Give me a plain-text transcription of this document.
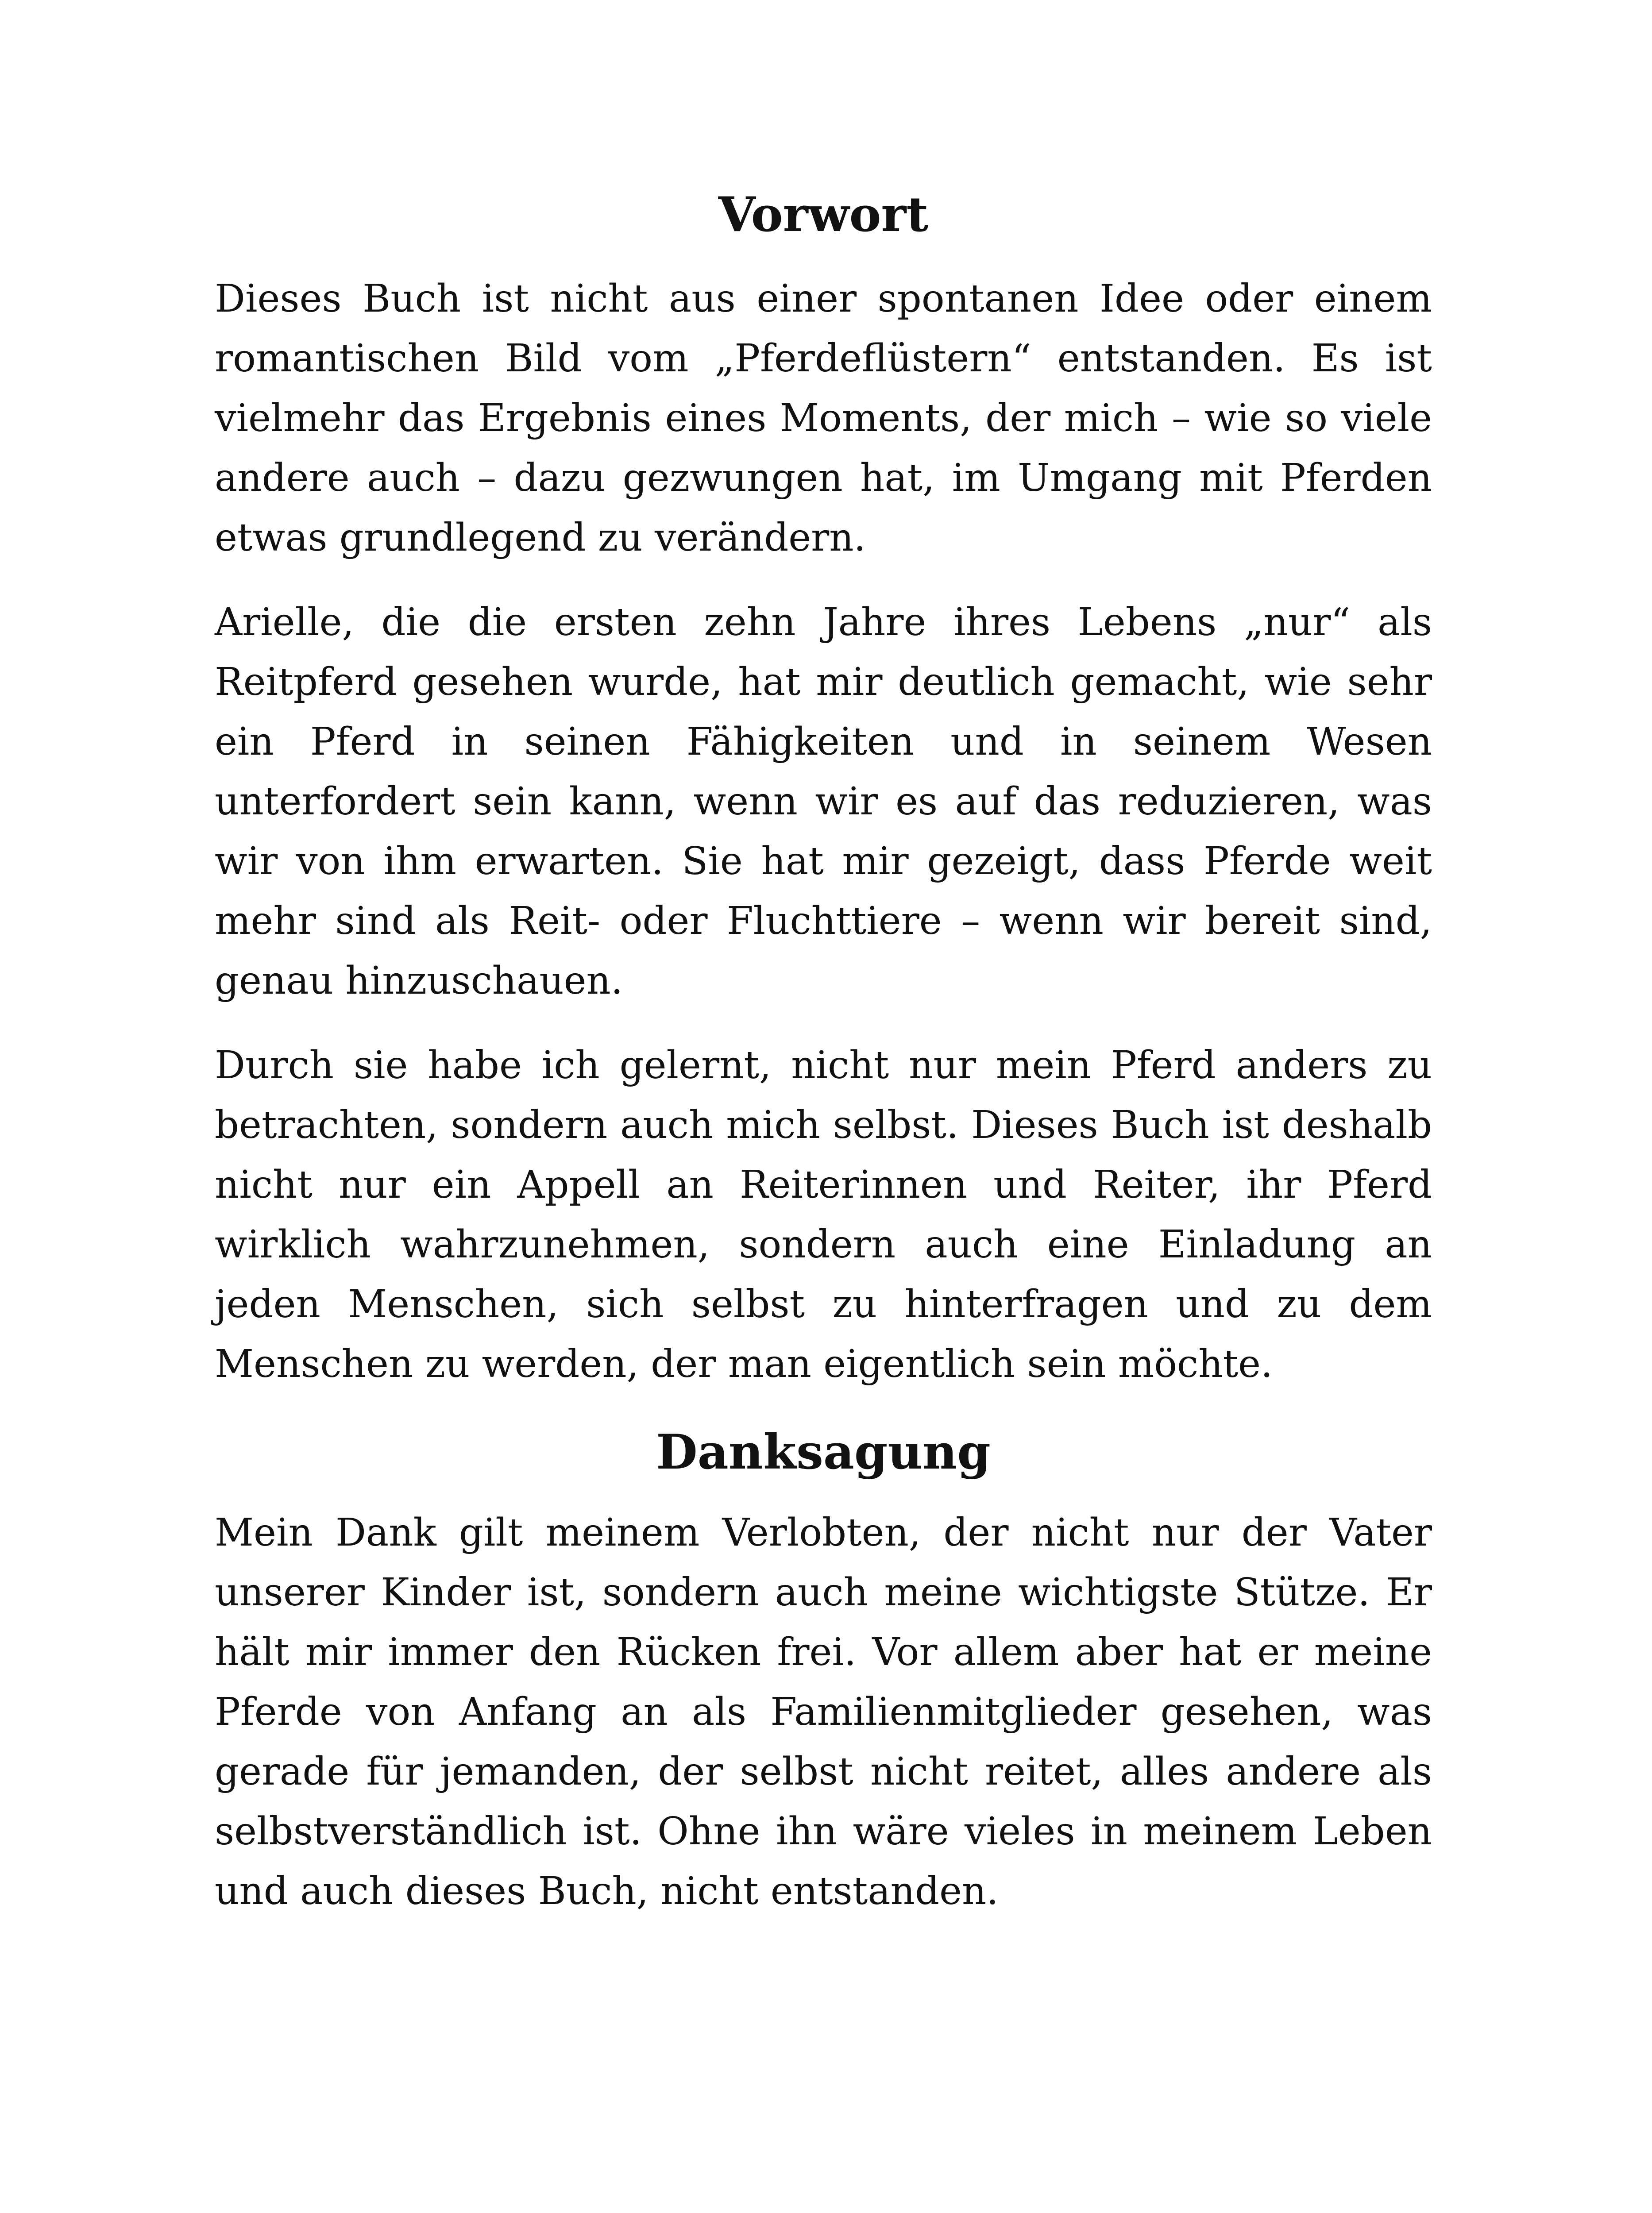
Vorwort

Dieses Buch ist nicht aus einer spontanen Idee oder einem romantischen Bild vom „Pferdeflüstern“ entstanden. Es ist vielmehr das Ergebnis eines Moments, der mich – wie so viele andere auch – dazu gezwungen hat, im Umgang mit Pferden etwas grundlegend zu verändern.

Arielle, die die ersten zehn Jahre ihres Lebens „nur“ als Reitpferd gesehen wurde, hat mir deutlich gemacht, wie sehr ein Pferd in seinen Fähigkeiten und in seinem Wesen unterfordert sein kann, wenn wir es auf das reduzieren, was wir von ihm erwarten. Sie hat mir gezeigt, dass Pferde weit mehr sind als Reit- oder Fluchttiere – wenn wir bereit sind, genau hinzuschauen.

Durch sie habe ich gelernt, nicht nur mein Pferd anders zu betrachten, sondern auch mich selbst. Dieses Buch ist deshalb nicht nur ein Appell an Reiterinnen und Reiter, ihr Pferd wirklich wahrzunehmen, sondern auch eine Einladung an jeden Menschen, sich selbst zu hinterfragen und zu dem Menschen zu werden, der man eigentlich sein möchte.

Danksagung

Mein Dank gilt meinem Verlobten, der nicht nur der Vater unserer Kinder ist, sondern auch meine wichtigste Stütze. Er hält mir immer den Rücken frei. Vor allem aber hat er meine Pferde von Anfang an als Familienmitglieder gesehen, was gerade für jemanden, der selbst nicht reitet, alles andere als selbstverständlich ist. Ohne ihn wäre vieles in meinem Leben und auch dieses Buch, nicht entstanden.
